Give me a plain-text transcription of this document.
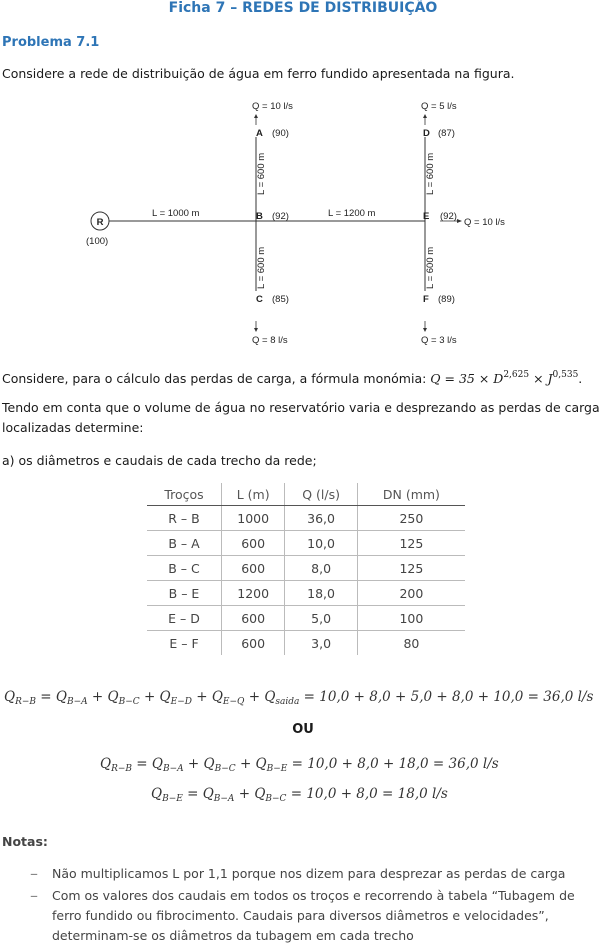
Ficha 7 – REDES DE DISTRIBUIÇÃO
Problema 7.1
Considere a rede de distribuição de água em ferro fundido apresentada na figura.
R
(100)
L = 1000 m	L = 1200 m
Q = 10 l/s	Q = 5 l/s
A (90)	D (87)
B (92)	E (92)
Q = 10 l/s
C (85)	F (89)
Q = 8 l/s	Q = 3 l/s
L = 600 m
L = 600 m
L = 600 m
L = 600 m
Considere, para o cálculo das perdas de carga, a fórmula monómia: Q = 35 × D$^{2,625}$ × J$^{0,535}$.
Tendo em conta que o volume de água no reservatório varia e desprezando as perdas de carga
localizadas determine:
a) os diâmetros e caudais de cada trecho da rede;
Troços	L (m)	Q (l/s)	DN (mm)
R – B	1000	36,0	250
B – A	600	10,0	125
B – C	600	8,0	125
B – E	1200	18,0	200
E – D	600	5,0	100
E – F	600	3,0	80
$Q_{R-B} = Q_{B-A} + Q_{B-C} + Q_{E-D} + Q_{E-Q} + Q_{saida} = 10,0 + 8,0 + 5,0 + 8,0 + 10,0 = 36,0$ l/s
OU
$Q_{R-B} = Q_{B-A} + Q_{B-C} + Q_{B-E} = 10,0 + 8,0 + 18,0 = 36,0$ l/s
$Q_{B-E} = Q_{B-A} + Q_{B-C} = 10,0 + 8,0 = 18,0$ l/s
Notas:
–	Não multiplicamos L por 1,1 porque nos dizem para desprezar as perdas de carga
–	Com os valores dos caudais em todos os troços e recorrendo à tabela “Tubagem de ferro fundido ou fibrocimento. Caudais para diversos diâmetros e velocidades”, determinam-se os diâmetros da tubagem em cada trecho
